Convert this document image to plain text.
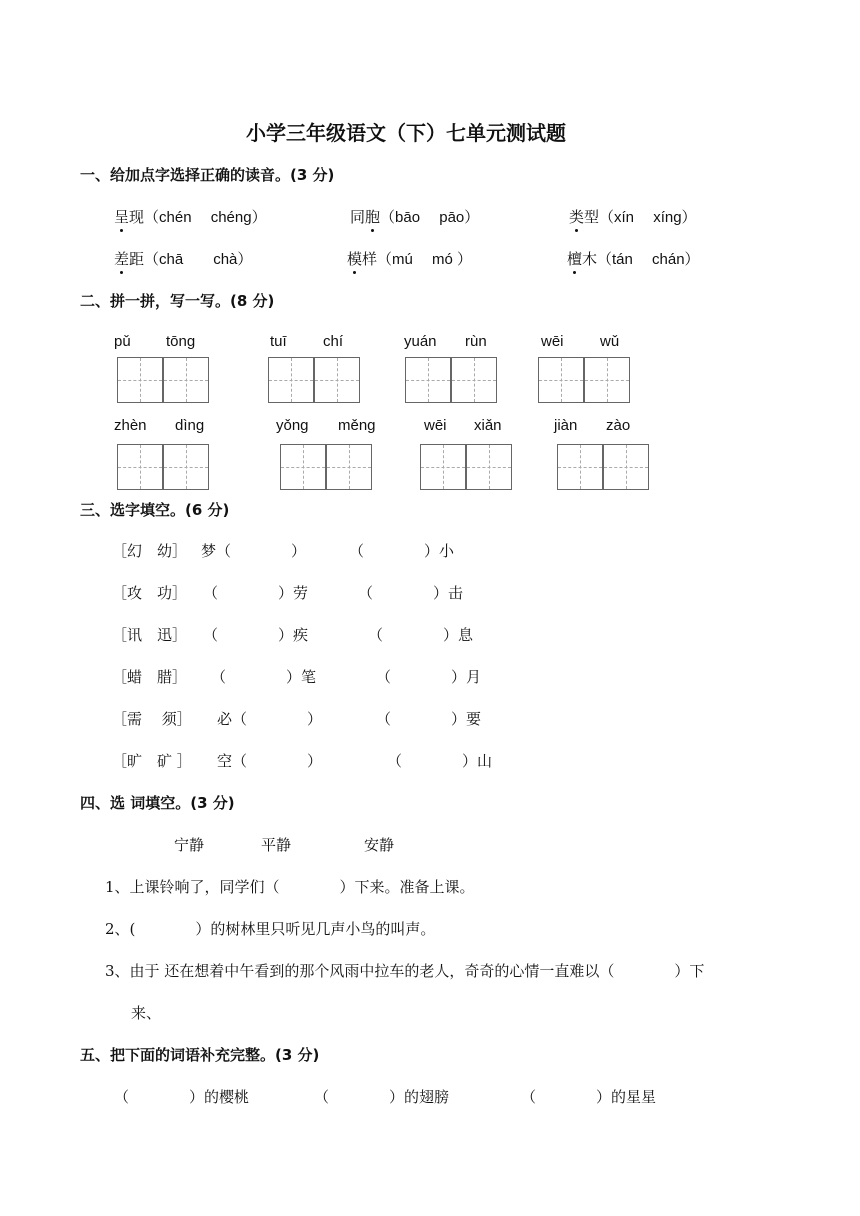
小学三年级语文（下）七单元测试题
一、给加点字选择正确的读音。(3 分)
呈现（chén　 chéng）	同胞（bāo　 pāo）	类型（xín　 xíng）
差距（chā　　chà）	模样（mú　 mó ）	檀木（tán　 chán）
二、拼一拼，写一写。(8 分)
pǔ tōng	tuī chí	yuán rùn	wēi wǔ
zhèn dìng	yǒng měng	wēi xiǎn	jiàn zào
三、选字填空。(6 分)
［幻　幼］ 梦（　　　　）	（　　　　）小
［攻　功］ （　　　　）劳	（　　　　）击
［讯　迅］ （　　　　）疾	（　　　　）息
［蜡　腊］ （　　　　）笔	（　　　　）月
［需　 须］ 必（　　　　）	（　　　　）要
［旷　矿 ］ 空（　　　　）	（　　　　）山
四、选 词填空。(3 分)
宁静	平静	安静
1、上课铃响了，同学们（　　　　）下来。准备上课。
2、(　　　　）的树林里只听见几声小鸟的叫声。
3、由于 还在想着中午看到的那个风雨中拉车的老人，奇奇的心情一直难以（　　　　）下
来、
五、把下面的词语补充完整。(3 分)
（　　　　）的樱桃	（　　　　）的翅膀	（　　　　）的星星
